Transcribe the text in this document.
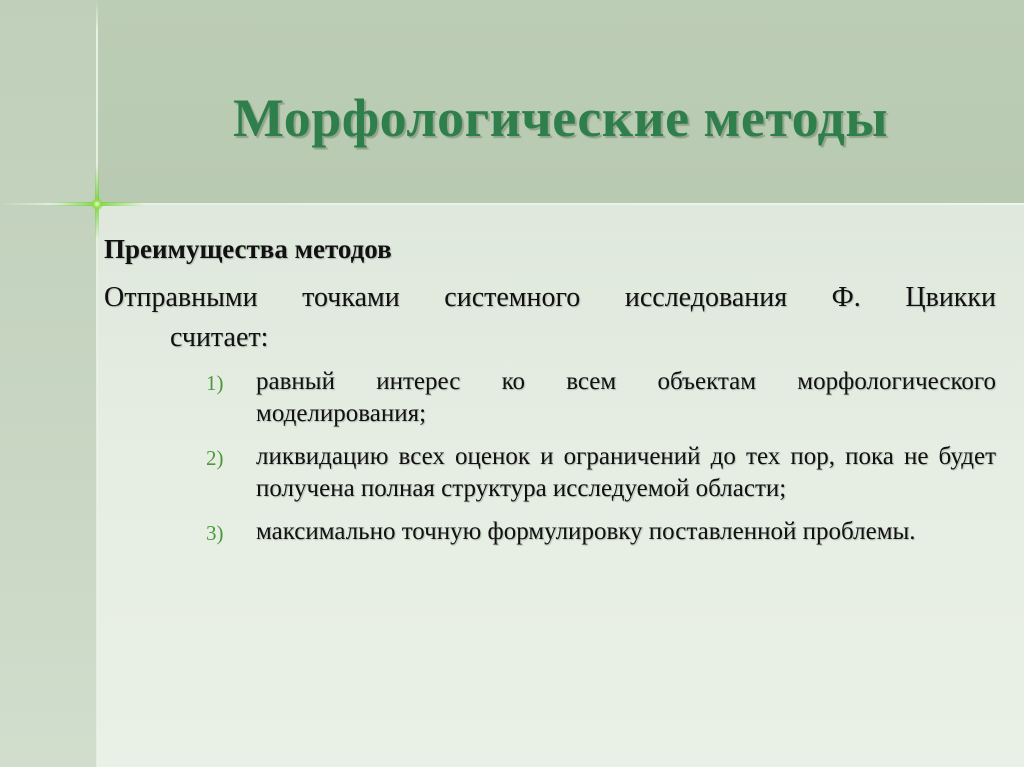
Морфологические методы

Преимущества методов

Отправными точками системного исследования Ф. Цвикки

считает:

1) равный интерес ко всем объектам морфологического моделирования;
2) ликвидацию всех оценок и ограничений до тех пор, пока не будет получена полная структура исследуемой области;
3) максимально точную формулировку поставленной проблемы.
